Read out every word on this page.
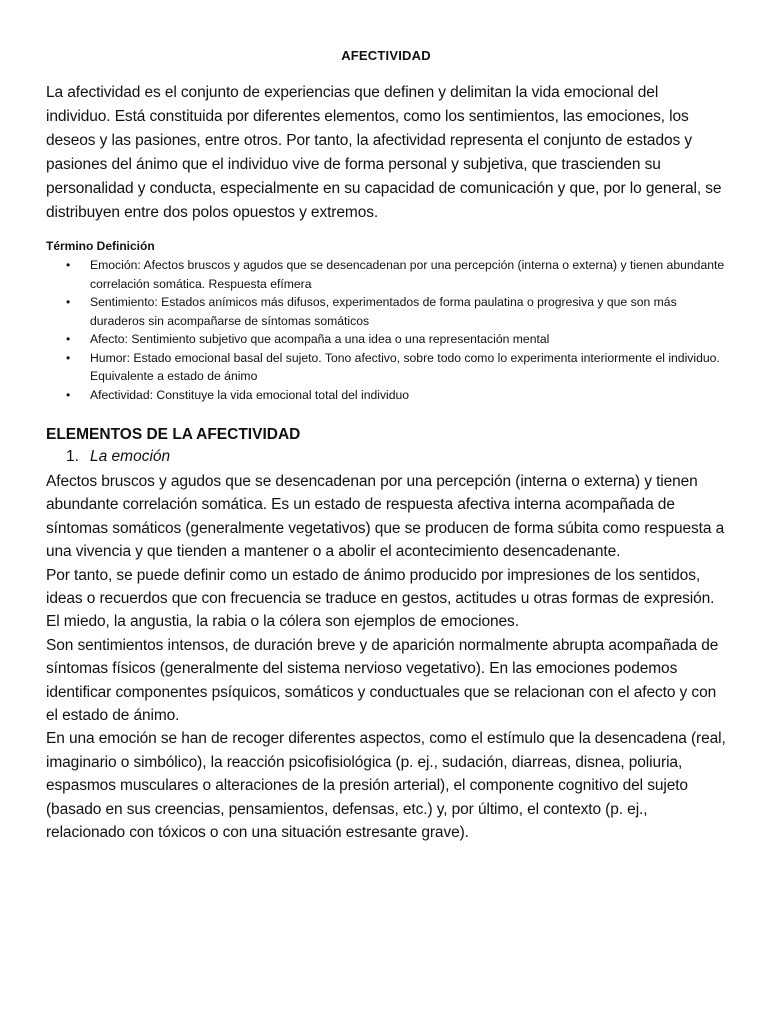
AFECTIVIDAD

La afectividad es el conjunto de experiencias que definen y delimitan la vida emocional del individuo. Está constituida por diferentes elementos, como los sentimientos, las emociones, los deseos y las pasiones, entre otros. Por tanto, la afectividad representa el conjunto de estados y pasiones del ánimo que el individuo vive de forma personal y subjetiva, que trascienden su personalidad y conducta, especialmente en su capacidad de comunicación y que, por lo general, se distribuyen entre dos polos opuestos y extremos.

Término Definición
• Emoción: Afectos bruscos y agudos que se desencadenan por una percepción (interna o externa) y tienen abundante correlación somática. Respuesta efímera
• Sentimiento: Estados anímicos más difusos, experimentados de forma paulatina o progresiva y que son más duraderos sin acompañarse de síntomas somáticos
• Afecto: Sentimiento subjetivo que acompaña a una idea o una representación mental
• Humor: Estado emocional basal del sujeto. Tono afectivo, sobre todo como lo experimenta interiormente el individuo. Equivalente a estado de ánimo
• Afectividad: Constituye la vida emocional total del individuo
ELEMENTOS DE LA AFECTIVIDAD
1. La emoción

Afectos bruscos y agudos que se desencadenan por una percepción (interna o externa) y tienen abundante correlación somática. Es un estado de respuesta afectiva interna acompañada de síntomas somáticos (generalmente vegetativos) que se producen de forma súbita como respuesta a una vivencia y que tienden a mantener o a abolir el acontecimiento desencadenante.

Por tanto, se puede definir como un estado de ánimo producido por impresiones de los sentidos, ideas o recuerdos que con frecuencia se traduce en gestos, actitudes u otras formas de expresión. El miedo, la angustia, la rabia o la cólera son ejemplos de emociones.

Son sentimientos intensos, de duración breve y de aparición normalmente abrupta acompañada de síntomas físicos (generalmente del sistema nervioso vegetativo). En las emociones podemos identificar componentes psíquicos, somáticos y conductuales que se relacionan con el afecto y con el estado de ánimo.

En una emoción se han de recoger diferentes aspectos, como el estímulo que la desencadena (real, imaginario o simbólico), la reacción psicofisiológica (p. ej., sudación, diarreas, disnea, poliuria, espasmos musculares o alteraciones de la presión arterial), el componente cognitivo del sujeto (basado en sus creencias, pensamientos, defensas, etc.) y, por último, el contexto (p. ej., relacionado con tóxicos o con una situación estresante grave).
